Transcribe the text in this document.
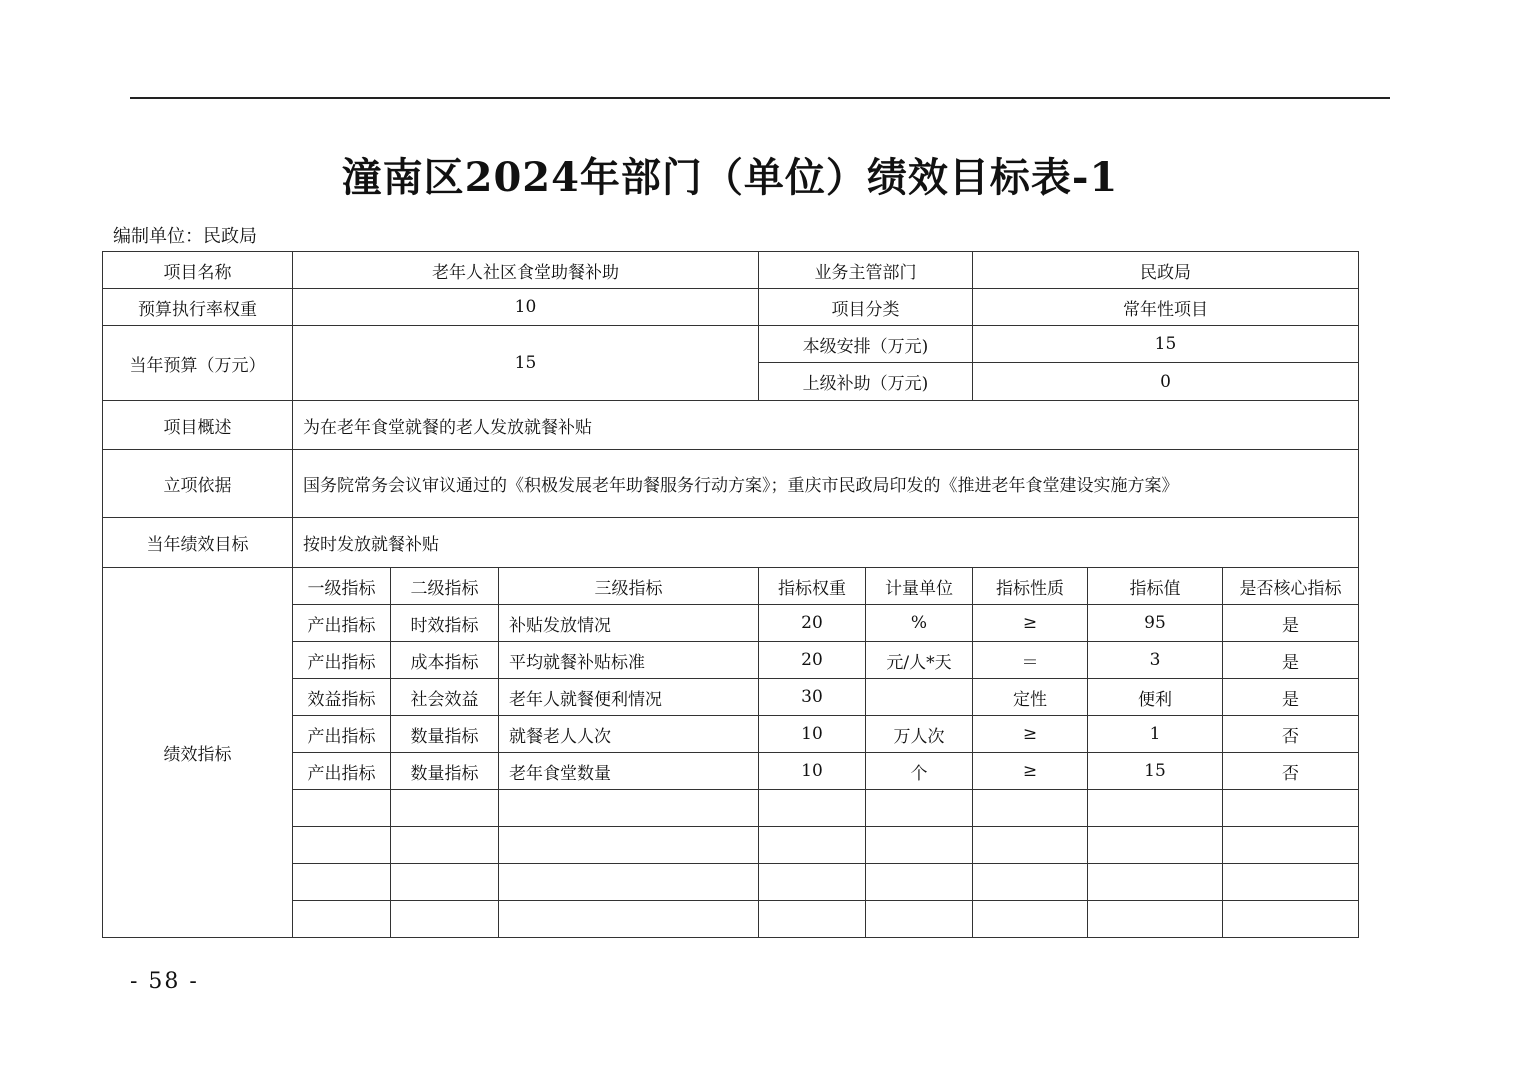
潼南区2024年部门（单位）绩效目标表-1
编制单位：民政局
项目名称	老年人社区食堂助餐补助			业务主管部门		民政局		
预算执行率权重	10			项目分类		常年性项目		
当年预算（万元）	15			本级安排（万元)		15		
				上级补助（万元)		0		
项目概述	为在老年食堂就餐的老人发放就餐补贴							
立项依据	国务院常务会议审议通过的《积极发展老年助餐服务行动方案》；重庆市民政局印发的《推进老年食堂建设实施方案》							
当年绩效目标	按时发放就餐补贴							
绩效指标	一级指标	二级指标	三级指标	指标权重	计量单位	指标性质	指标值	是否核心指标
	产出指标	时效指标	补贴发放情况	20	%	≥	95	是
	产出指标	成本指标	平均就餐补贴标准	20	元/人*天	＝	3	是
	效益指标	社会效益	老年人就餐便利情况	30		定性	便利	是
	产出指标	数量指标	就餐老人人次	10	万人次	≥	1	否
	产出指标	数量指标	老年食堂数量	10	个	≥	15	否

- 58 -
